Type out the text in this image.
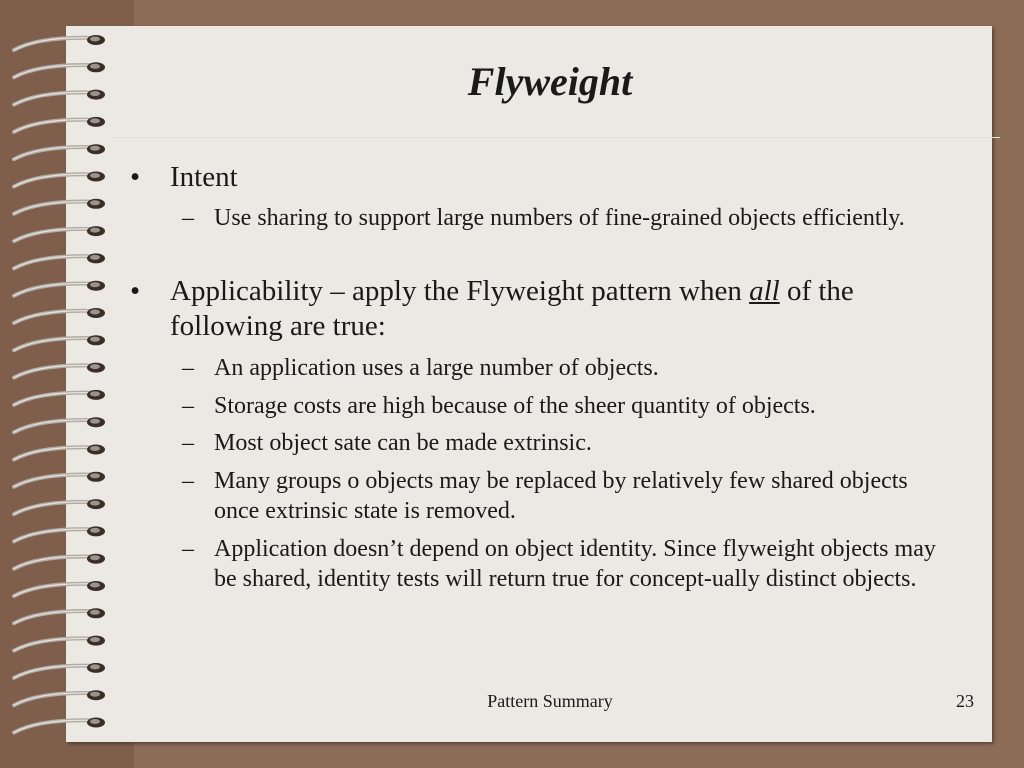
Flyweight
• Intent
– Use sharing to support large numbers of fine-grained objects efficiently.
• Applicability – apply the Flyweight pattern when all of the following are true:
– An application uses a large number of objects.
– Storage costs are high because of the sheer quantity of objects.
– Most object sate can be made extrinsic.
– Many groups o objects may be replaced by relatively few shared objects once extrinsic state is removed.
– Application doesn’t depend on object identity. Since flyweight objects may be shared, identity tests will return true for concept-ually distinct objects.
Pattern Summary	23
